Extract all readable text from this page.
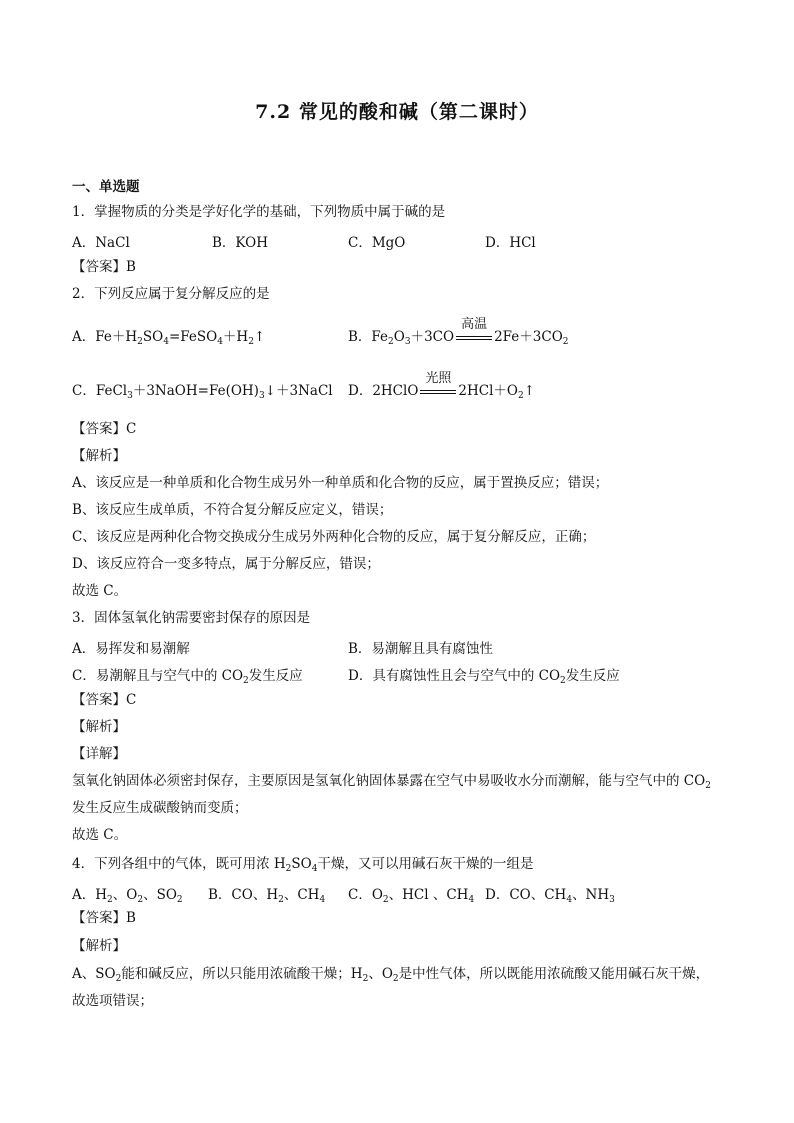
7.2 常见的酸和碱（第二课时）
一、单选题
1．掌握物质的分类是学好化学的基础，下列物质中属于碱的是
A．NaCl	B．KOH	C．MgO	D．HCl
【答案】B
2．下列反应属于复分解反应的是
A．$Fe+H_2SO_4=FeSO_4+H_2↑$	B．$Fe_2O_3+3CO$
高温
$2Fe+3CO_2$
C．$FeCl_3+3NaOH=Fe(OH)_3↓+3NaCl$ D．2HClO
光照
$2HCl+O_2↑$
【答案】C
【解析】
A、该反应是一种单质和化合物生成另外一种单质和化合物的反应，属于置换反应；错误；
B、该反应生成单质，不符合复分解反应定义，错误；
C、该反应是两种化合物交换成分生成另外两种化合物的反应，属于复分解反应，正确；
D、该反应符合一变多特点，属于分解反应，错误；
故选 C。
3．固体氢氧化钠需要密封保存的原因是
A．易挥发和易潮解	B．易潮解且具有腐蚀性
C．易潮解且与空气中的 $CO_2$发生反应	D．具有腐蚀性且会与空气中的 $CO_2$发生反应
【答案】C
【解析】
【详解】
氢氧化钠固体必须密封保存，主要原因是氢氧化钠固体暴露在空气中易吸收水分而潮解，能与空气中的 $CO_2$
发生反应生成碳酸钠而变质；
故选 C。
4．下列各组中的气体，既可用浓 $H_2SO_4$干燥，又可以用碱石灰干燥的一组是
A．$H_2$、$O_2$、$SO_2$ B．CO、$H_2$、$CH_4$ C．$O_2$、HCl 、$CH_4$ D．CO、$CH_4$、$NH_3$
【答案】B
【解析】
A、$SO_2$能和碱反应，所以只能用浓硫酸干燥；$H_2$、$O_2$是中性气体，所以既能用浓硫酸又能用碱石灰干燥，
故选项错误；
